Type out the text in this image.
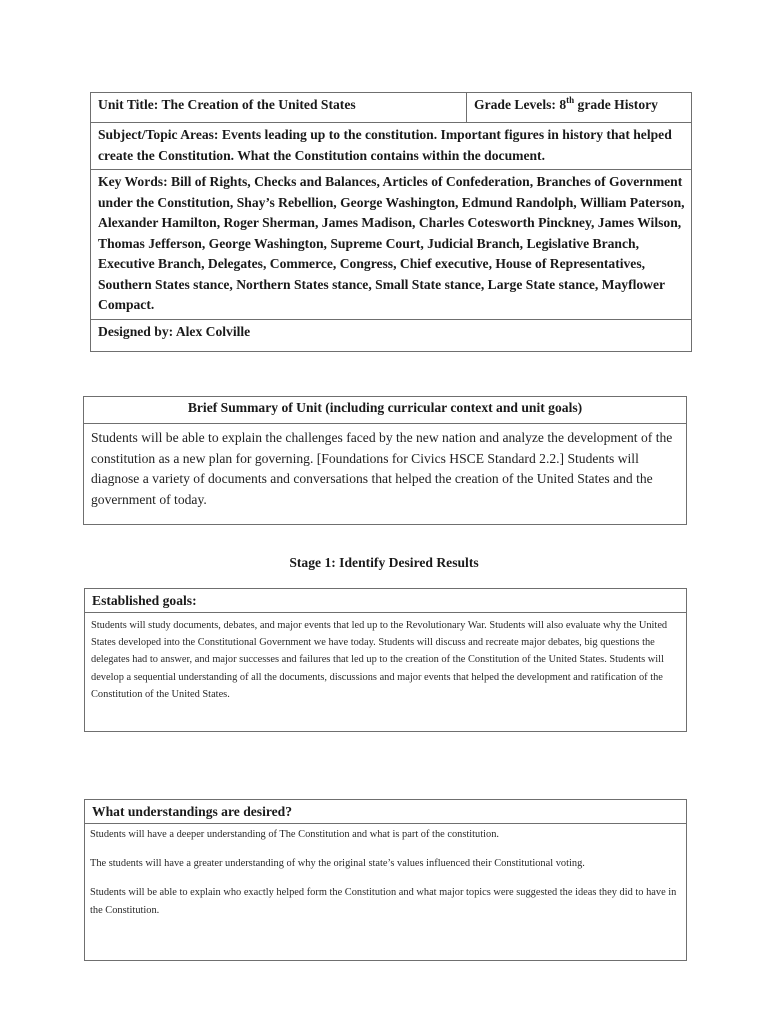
Unit Title: The Creation of the United States	Grade Levels: 8th grade History
Subject/Topic Areas: Events leading up to the constitution. Important figures in history that helped create the Constitution. What the Constitution contains within the document.
Key Words: Bill of Rights, Checks and Balances, Articles of Confederation, Branches of Government under the Constitution, Shay’s Rebellion, George Washington, Edmund Randolph, William Paterson, Alexander Hamilton, Roger Sherman, James Madison, Charles Cotesworth Pinckney, James Wilson, Thomas Jefferson, George Washington, Supreme Court, Judicial Branch, Legislative Branch, Executive Branch, Delegates, Commerce, Congress, Chief executive, House of Representatives, Southern States stance, Northern States stance, Small State stance, Large State stance, Mayflower Compact.
Designed by: Alex Colville
Brief Summary of Unit (including curricular context and unit goals)
Students will be able to explain the challenges faced by the new nation and analyze the development of the constitution as a new plan for governing. [Foundations for Civics HSCE Standard 2.2.] Students will diagnose a variety of documents and conversations that helped the creation of the United States and the government of today.
Stage 1: Identify Desired Results
Established goals:
Students will study documents, debates, and major events that led up to the Revolutionary War. Students will also evaluate why the United States developed into the Constitutional Government we have today. Students will discuss and recreate major debates, big questions the delegates had to answer, and major successes and failures that led up to the creation of the Constitution of the United States. Students will develop a sequential understanding of all the documents, discussions and major events that helped the development and ratification of the Constitution of the United States.
What understandings are desired?

Students will have a deeper understanding of The Constitution and what is part of the constitution.

The students will have a greater understanding of why the original state’s values influenced their Constitutional voting.

Students will be able to explain who exactly helped form the Constitution and what major topics were suggested the ideas they did to have in the Constitution.
